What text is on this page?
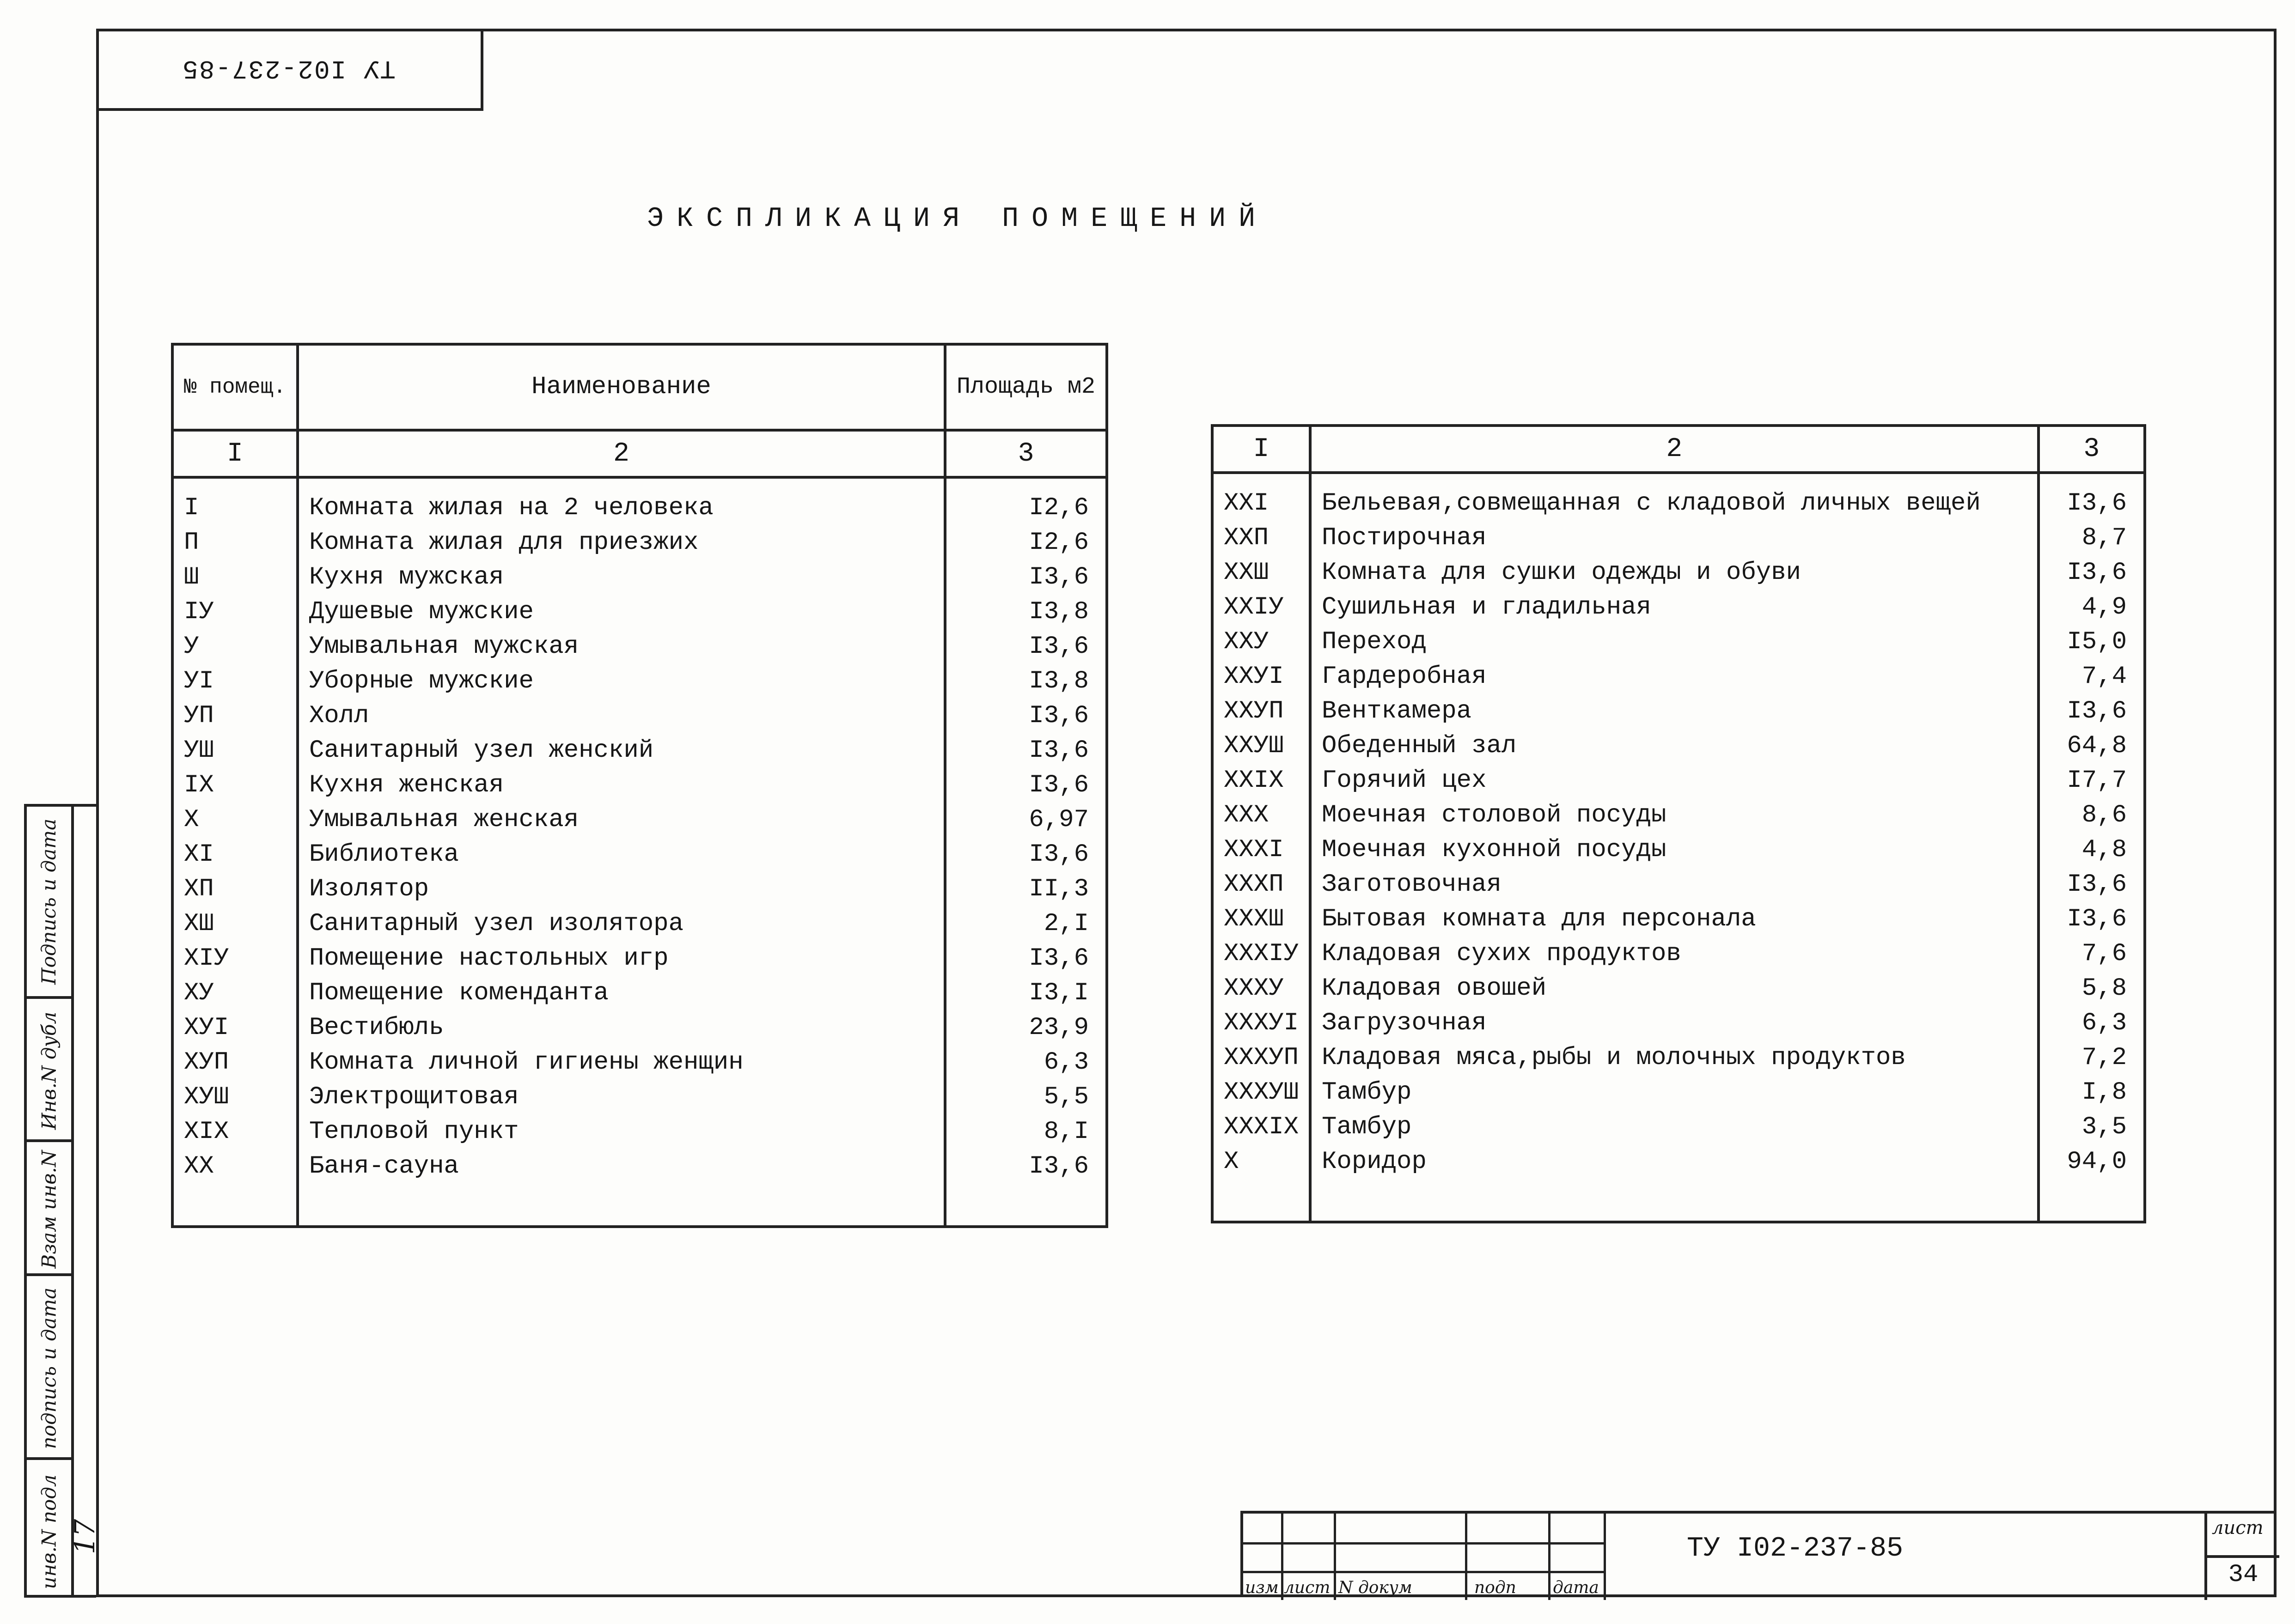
ТУ I02-237-85
ЭКСПЛИКАЦИЯ ПОМЕЩЕНИЙ
№ помещ.	Наименование	Площадь м2
I	2	3
I	Комната жилая на 2 человека	I2,6
П	Комната жилая для приезжих	I2,6
Ш	Кухня мужская	I3,6
IУ	Душевые мужские	I3,8
У	Умывальная мужская	I3,6
УI	Уборные мужские	I3,8
УП	Холл	I3,6
УШ	Санитарный узел женский	I3,6
IХ	Кухня женская	I3,6
Х	Умывальная женская	6,97
ХI	Библиотека	I3,6
ХП	Изолятор	II,3
ХШ	Санитарный узел изолятора	2,I
ХIУ	Помещение настольных игр	I3,6
ХУ	Помещение коменданта	I3,I
ХУI	Вестибюль	23,9
ХУП	Комната личной гигиены женщин	6,3
ХУШ	Электрощитовая	5,5
ХIХ	Тепловой пункт	8,I
ХХ	Баня-сауна	I3,6

I	2	3
ХХI	Бельевая,совмещанная с кладовой личных вещей	I3,6
ХХП	Постирочная	8,7
ХХШ	Комната для сушки одежды и обуви	I3,6
ХХIУ	Сушильная и гладильная	4,9
ХХУ	Переход	I5,0
ХХУI	Гардеробная	7,4
ХХУП	Венткамера	I3,6
ХХУШ	Обеденный зал	64,8
ХХIХ	Горячий цех	I7,7
ХХХ	Моечная столовой посуды	8,6
ХХХI	Моечная кухонной посуды	4,8
ХХХП	Заготовочная	I3,6
ХХХШ	Бытовая комната для персонала	I3,6
ХХХIУ	Кладовая сухих продуктов	7,6
ХХХУ	Кладовая овошей	5,8
ХХХУI	Загрузочная	6,3
ХХХУП	Кладовая мяса,рыбы и молочных продуктов	7,2
ХХХУШ	Тамбур	I,8
ХХХIХ	Тамбур	3,5
Х	Коридор	94,0

инв.N подл
подпись и дата
Взам инв.N
Инв.N дубл
Подпись и дата
17
изм лист N докум	подп дата
ТУ I02-237-85
лист
34
